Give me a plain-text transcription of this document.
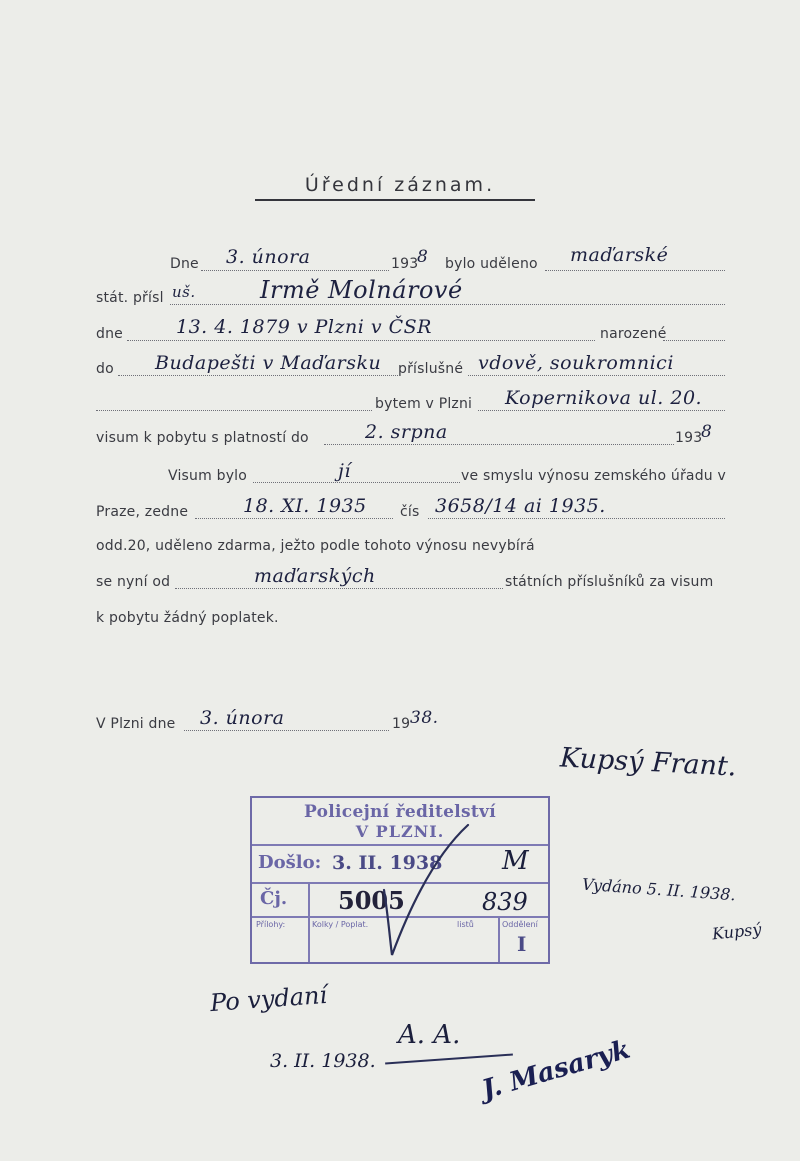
Úřední záznam.
Dne 3. února	193
8 bylo uděleno maďarské
stát. přísl uš.	Irmě Molnárové
dne	13. 4. 1879 v Plzni v ČSR	narozené
do Budapešti v Maďarsku příslušné vdově, soukromnici
bytem v Plzni Kopernikova ul. 20.
visum k pobytu s platností do	2. srpna	193
8
Visum bylo	jí	ve smyslu výnosu zemského úřadu v
Praze, zedne	18. XI. 1935 čís 3658/14 ai 1935.
odd.20, uděleno zdarma, ježto podle tohoto výnosu nevybírá
se nyní od	maďarských	státních příslušníků za visum
k pobytu žádný poplatek.
V Plzni dne 3. února	19 38.
Kupsý Frant.
Policejní ředitelství
V PLZNI.
Došlo: 3. II. 1938 M
Čj. 5005	839
Přílohy:	Kolky / Poplat.	listů	Oddělení
I
Vydáno 5. II. 1938.
Kupsý
Po vydaní
A. A.
3. II. 1938.	J. Masaryk
